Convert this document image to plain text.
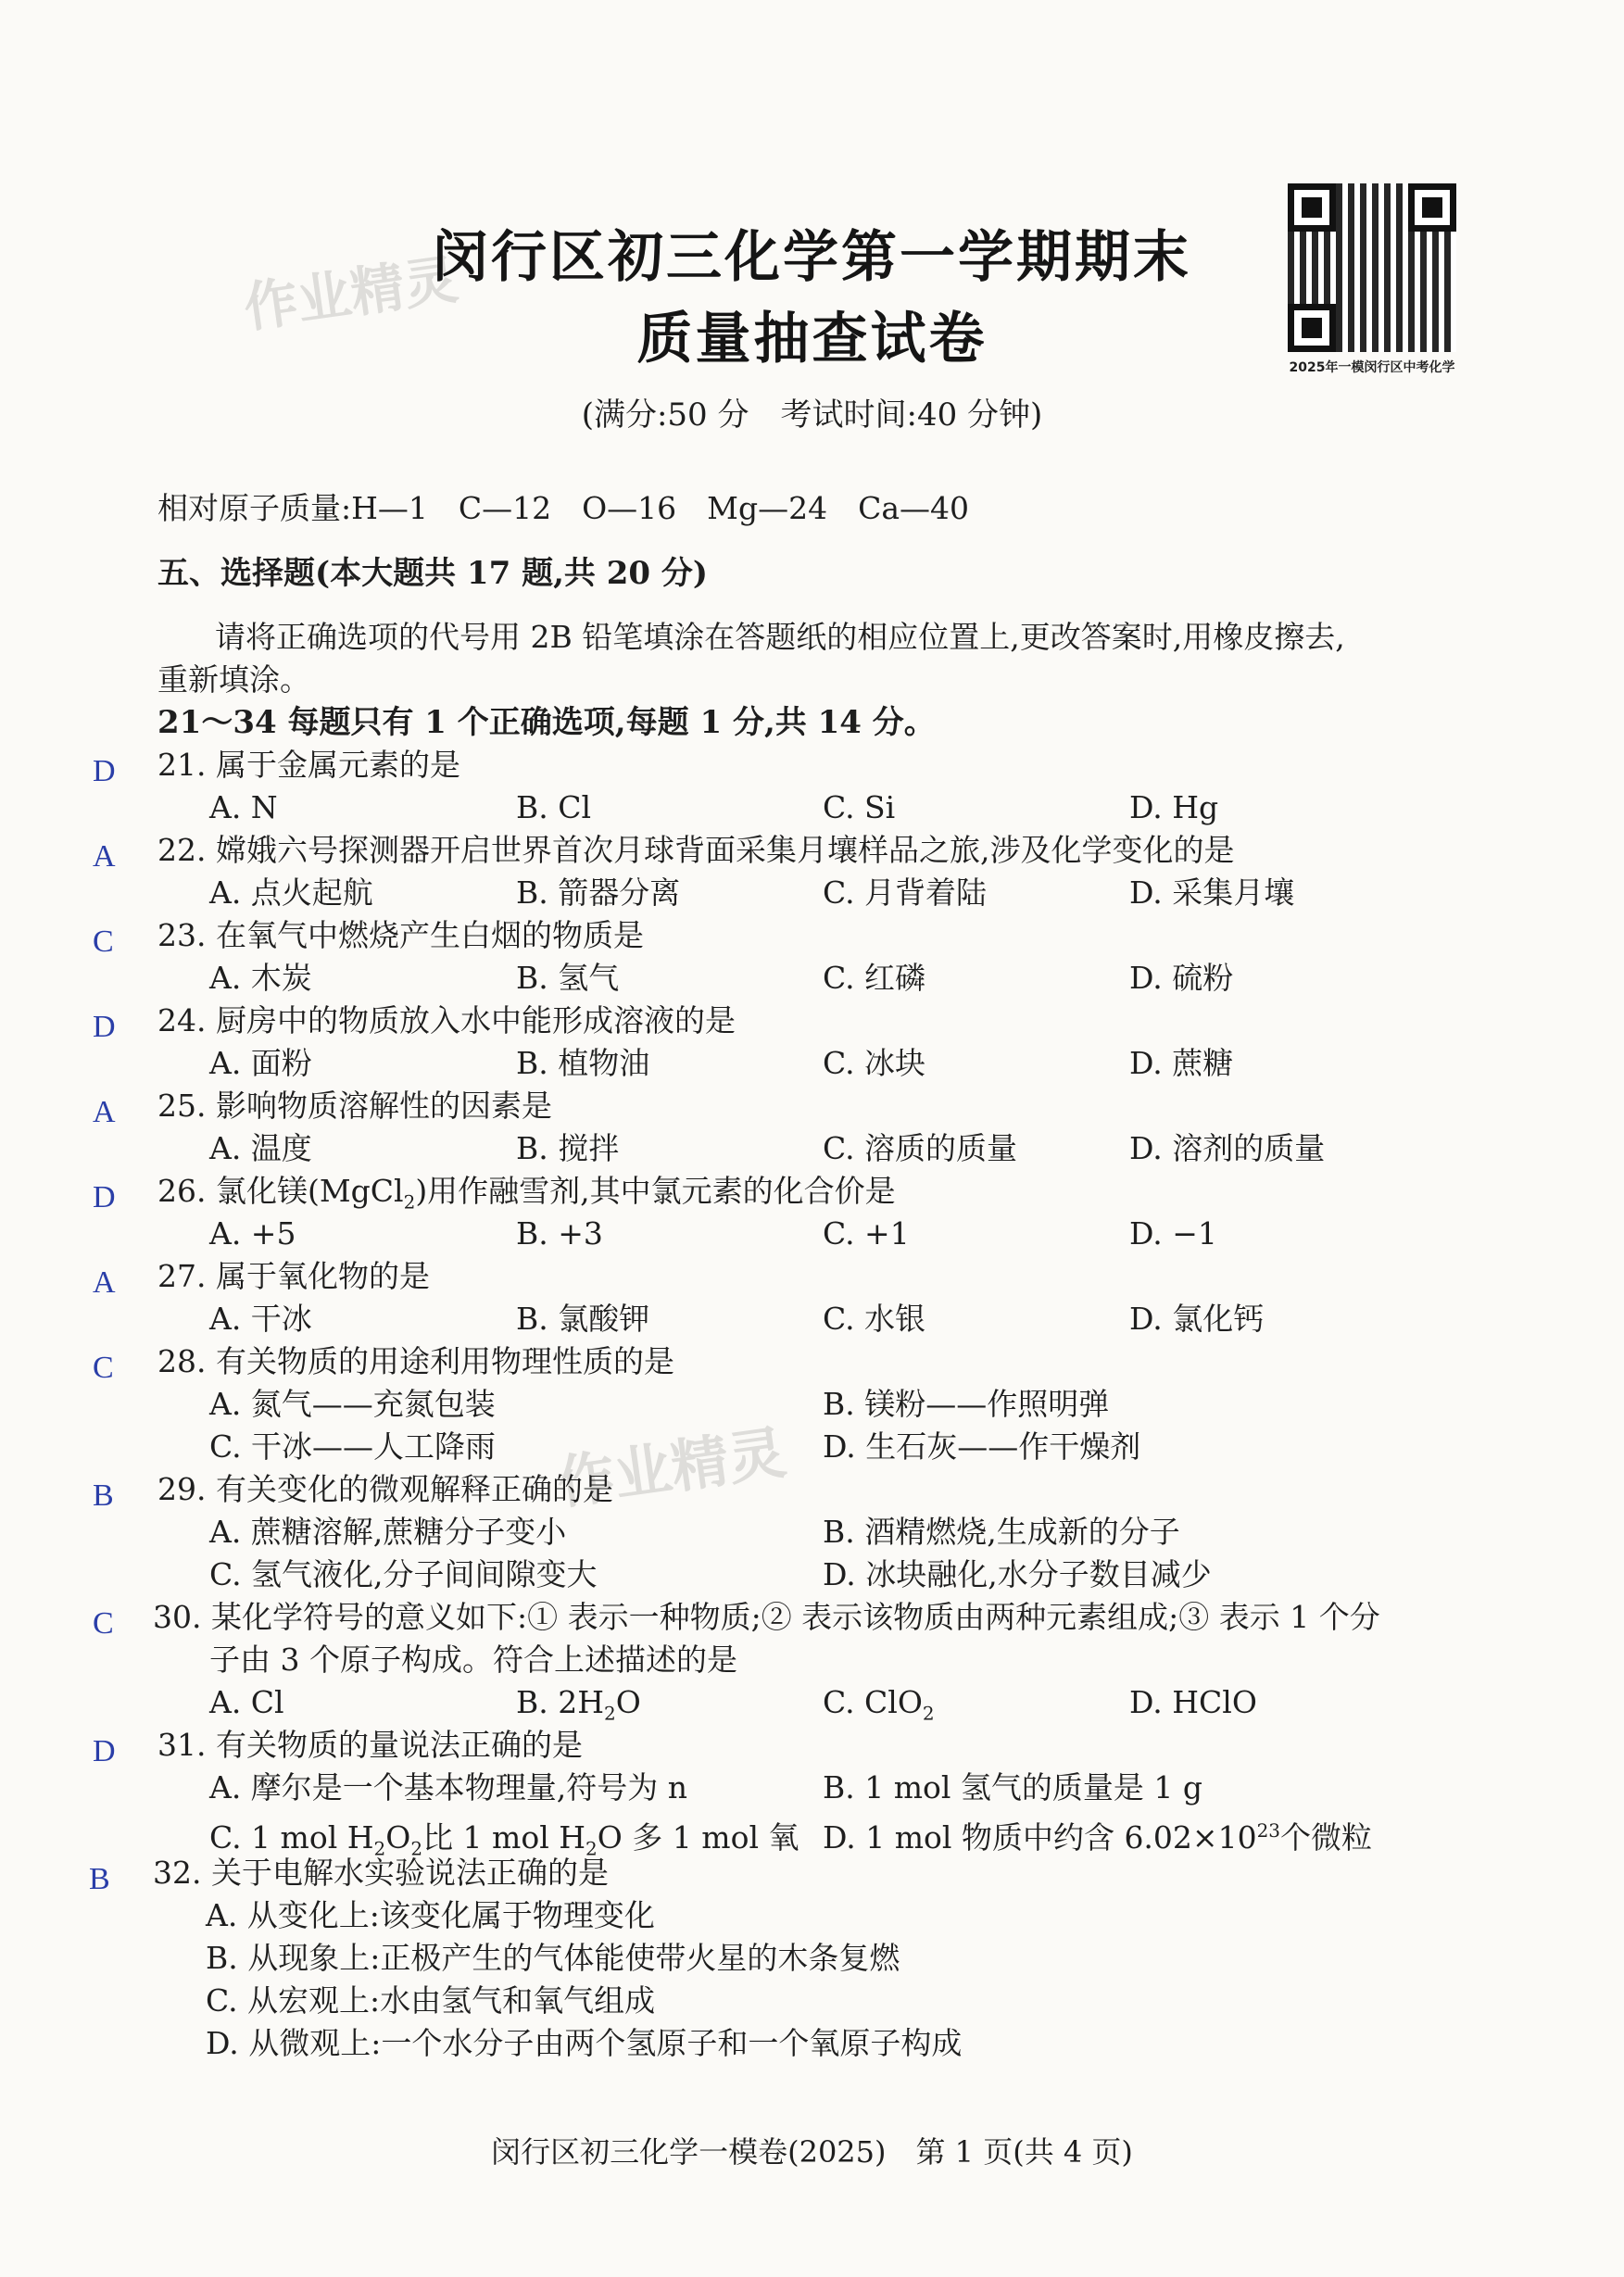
作业精灵
作业精灵
2025年一模闵行区中考化学
闵行区初三化学第一学期期末
质量抽查试卷
(满分:50 分　考试时间:40 分钟)
相对原子质量:H—1　C—12　O—16　Mg—24　Ca—40
五、选择题(本大题共 17 题,共 20 分)
请将正确选项的代号用 2B 铅笔填涂在答题纸的相应位置上,更改答案时,用橡皮擦去,
重新填涂。
21～34 每题只有 1 个正确选项,每题 1 分,共 14 分。
D 21. 属于金属元素的是
A. N	B. Cl	C. Si	D. Hg
A 22. 嫦娥六号探测器开启世界首次月球背面采集月壤样品之旅,涉及化学变化的是
A. 点火起航	B. 箭器分离	C. 月背着陆	D. 采集月壤
C 23. 在氧气中燃烧产生白烟的物质是
A. 木炭	B. 氢气	C. 红磷	D. 硫粉
D 24. 厨房中的物质放入水中能形成溶液的是
A. 面粉	B. 植物油	C. 冰块	D. 蔗糖
A 25. 影响物质溶解性的因素是
A. 温度	B. 搅拌	C. 溶质的质量	D. 溶剂的质量
D 26. 氯化镁(MgCl$_2$)用作融雪剂,其中氯元素的化合价是
A. +5	B. +3	C. +1	D. −1
A 27. 属于氧化物的是
A. 干冰	B. 氯酸钾	C. 水银	D. 氯化钙
C 28. 有关物质的用途利用物理性质的是
A. 氮气——充氮包装	B. 镁粉——作照明弹
C. 干冰——人工降雨	D. 生石灰——作干燥剂
B 29. 有关变化的微观解释正确的是
A. 蔗糖溶解,蔗糖分子变小	B. 酒精燃烧,生成新的分子
C. 氢气液化,分子间间隙变大	D. 冰块融化,水分子数目减少
C 30. 某化学符号的意义如下:① 表示一种物质;② 表示该物质由两种元素组成;③ 表示 1 个分
子由 3 个原子构成。符合上述描述的是
A. Cl	B. $2H_2O$	C. ClO$_2$	D. HClO
D 31. 有关物质的量说法正确的是
A. 摩尔是一个基本物理量,符号为 n	B. 1 mol 氢气的质量是 1 g
C. 1 mol $H_2O_2$比 1 mol $H_2O$ 多 1 mol 氧 D. 1 mol 物质中约含 $6.02\times 10^{23}$个微粒
B 32. 关于电解水实验说法正确的是
A. 从变化上:该变化属于物理变化
B. 从现象上:正极产生的气体能使带火星的木条复燃
C. 从宏观上:水由氢气和氧气组成
D. 从微观上:一个水分子由两个氢原子和一个氧原子构成
闵行区初三化学一模卷(2025)　第 1 页(共 4 页)
